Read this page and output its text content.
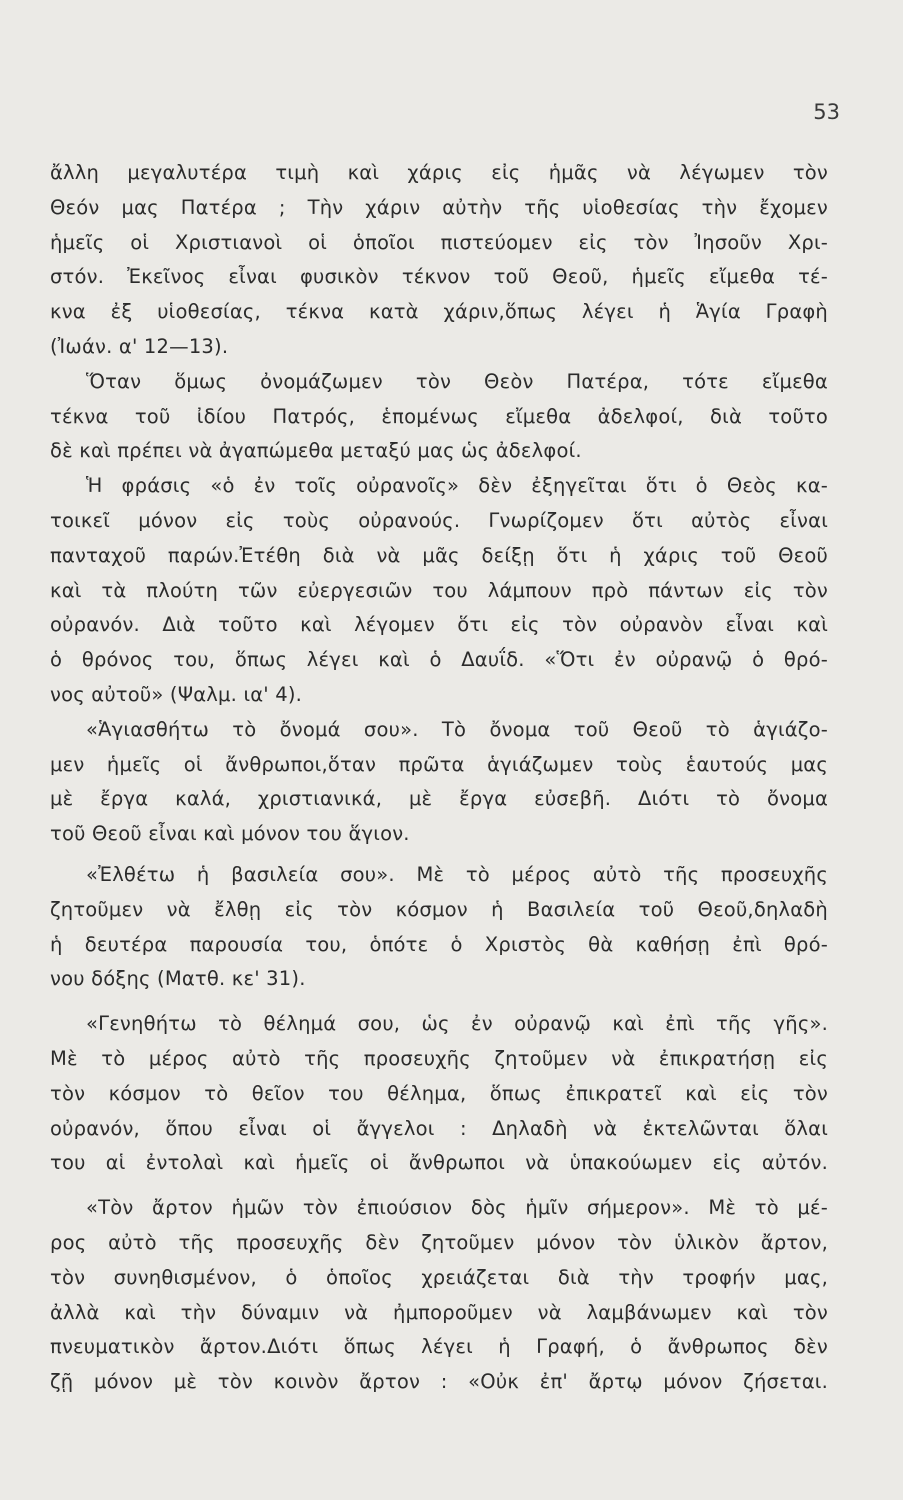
53
ἄλλη μεγαλυτέρα τιμὴ καὶ χάρις εἰς ἡμᾶς νὰ λέγωμεν τὸν
Θεόν μας Πατέρα ; Τὴν χάριν αὐτὴν τῆς υἱοθεσίας τὴν ἔχομεν
ἡμεῖς οἱ Χριστιανοὶ οἱ ὁποῖοι πιστεύομεν εἰς τὸν Ἰησοῦν Χρι-
στόν. Ἐκεῖνος εἶναι φυσικὸν τέκνον τοῦ Θεοῦ, ἡμεῖς εἴμεθα τέ-
κνα ἐξ υἱοθεσίας, τέκνα κατὰ χάριν,ὅπως λέγει ἡ Ἁγία Γραφὴ
(Ἰωάν. α' 12—13).
Ὅταν ὅμως ὀνομάζωμεν τὸν Θεὸν Πατέρα, τότε εἴμεθα
τέκνα τοῦ ἰδίου Πατρός, ἑπομένως εἴμεθα ἀδελφοί, διὰ τοῦτο
δὲ καὶ πρέπει νὰ ἀγαπώμεθα μεταξύ μας ὡς ἀδελφοί.
Ἡ φράσις «ὁ ἐν τοῖς οὐρανοῖς» δὲν ἐξηγεῖται ὅτι ὁ Θεὸς κα-
τοικεῖ μόνον εἰς τοὺς οὐρανούς. Γνωρίζομεν ὅτι αὐτὸς εἶναι
πανταχοῦ παρών.Ἐτέθη διὰ νὰ μᾶς δείξῃ ὅτι ἡ χάρις τοῦ Θεοῦ
καὶ τὰ πλούτη τῶν εὐεργεσιῶν του λάμπουν πρὸ πάντων εἰς τὸν
οὐρανόν. Διὰ τοῦτο καὶ λέγομεν ὅτι εἰς τὸν οὐρανὸν εἶναι καὶ
ὁ θρόνος του, ὅπως λέγει καὶ ὁ Δαυΐδ. «Ὅτι ἐν οὐρανῷ ὁ θρό-
νος αὐτοῦ» (Ψαλμ. ια' 4).
«Ἁγιασθήτω τὸ ὄνομά σου». Τὸ ὄνομα τοῦ Θεοῦ τὸ ἁγιάζο-
μεν ἡμεῖς οἱ ἄνθρωποι,ὅταν πρῶτα ἁγιάζωμεν τοὺς ἑαυτούς μας
μὲ ἔργα καλά, χριστιανικά, μὲ ἔργα εὐσεβῆ. Διότι τὸ ὄνομα
τοῦ Θεοῦ εἶναι καὶ μόνον του ἅγιον.
«Ἐλθέτω ἡ βασιλεία σου». Μὲ τὸ μέρος αὐτὸ τῆς προσευχῆς
ζητοῦμεν νὰ ἔλθῃ εἰς τὸν κόσμον ἡ Βασιλεία τοῦ Θεοῦ,δηλαδὴ
ἡ δευτέρα παρουσία του, ὁπότε ὁ Χριστὸς θὰ καθήσῃ ἐπὶ θρό-
νου δόξης (Ματθ. κε' 31).
«Γενηθήτω τὸ θέλημά σου, ὡς ἐν οὐρανῷ καὶ ἐπὶ τῆς γῆς».
Μὲ τὸ μέρος αὐτὸ τῆς προσευχῆς ζητοῦμεν νὰ ἐπικρατήσῃ εἰς
τὸν κόσμον τὸ θεῖον του θέλημα, ὅπως ἐπικρατεῖ καὶ εἰς τὸν
οὐρανόν, ὅπου εἶναι οἱ ἄγγελοι : Δηλαδὴ νὰ ἐκτελῶνται ὅλαι
του αἱ ἐντολαὶ καὶ ἡμεῖς οἱ ἄνθρωποι νὰ ὑπακούωμεν εἰς αὐτόν.
«Τὸν ἄρτον ἡμῶν τὸν ἐπιούσιον δὸς ἡμῖν σήμερον». Μὲ τὸ μέ-
ρος αὐτὸ τῆς προσευχῆς δὲν ζητοῦμεν μόνον τὸν ὑλικὸν ἄρτον,
τὸν συνηθισμένον, ὁ ὁποῖος χρειάζεται διὰ τὴν τροφήν μας,
ἀλλὰ καὶ τὴν δύναμιν νὰ ἠμποροῦμεν νὰ λαμβάνωμεν καὶ τὸν
πνευματικὸν ἄρτον.Διότι ὅπως λέγει ἡ Γραφή, ὁ ἄνθρωπος δὲν
ζῇ μόνον μὲ τὸν κοινὸν ἄρτον : «Οὐκ ἐπ' ἄρτῳ μόνον ζήσεται.
